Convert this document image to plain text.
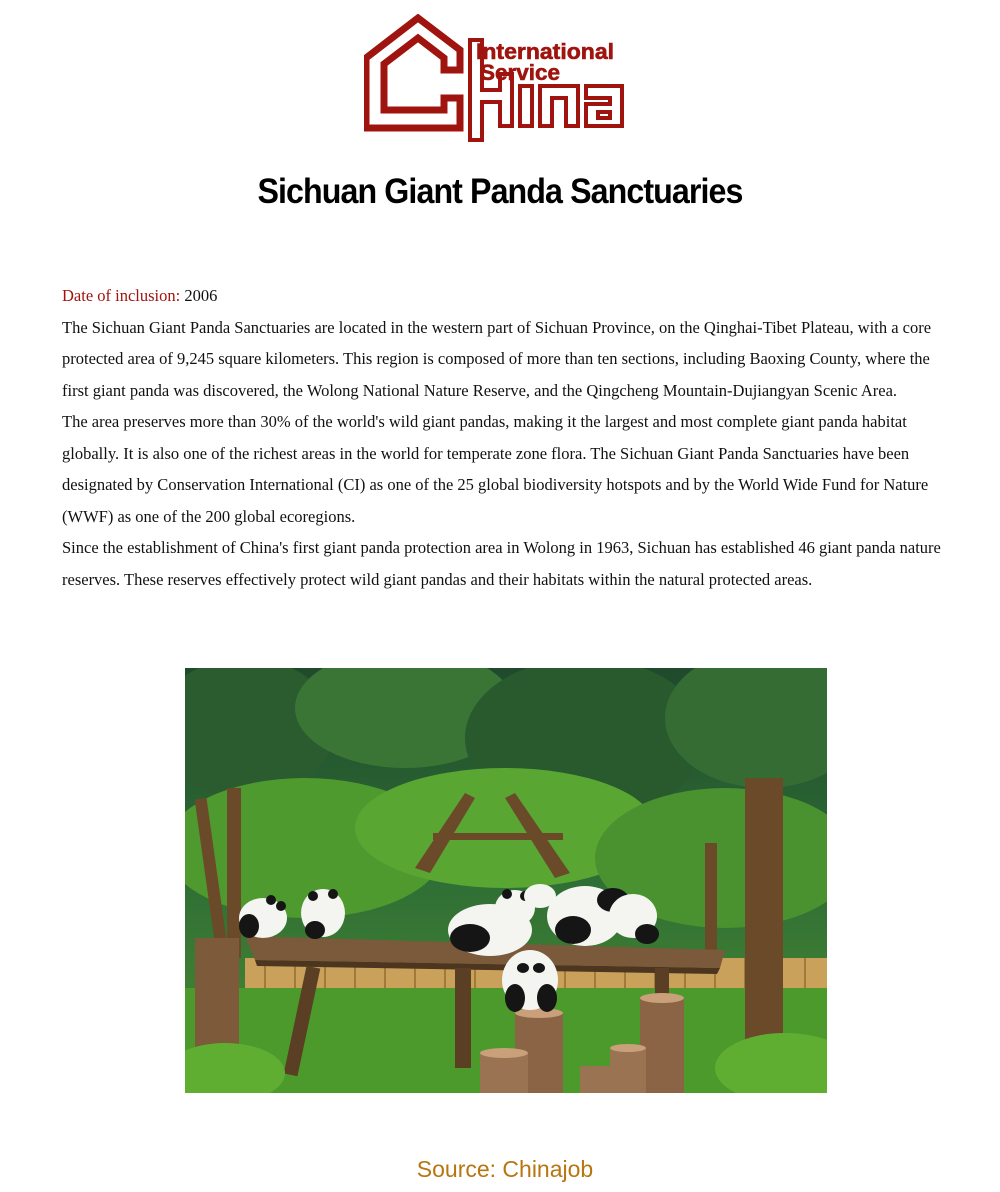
International
Service
Sichuan Giant Panda Sanctuaries

Date of inclusion: 2006

The Sichuan Giant Panda Sanctuaries are located in the western part of Sichuan Province, on the Qinghai-Tibet Plateau, with a core protected area of 9,245 square kilometers. This region is composed of more than ten sections, including Baoxing County, where the first giant panda was discovered, the Wolong National Nature Reserve, and the Qingcheng Mountain-Dujiangyan Scenic Area.

The area preserves more than 30% of the world's wild giant pandas, making it the largest and most complete giant panda habitat globally. It is also one of the richest areas in the world for temperate zone flora. The Sichuan Giant Panda Sanctuaries have been designated by Conservation International (CI) as one of the 25 global biodiversity hotspots and by the World Wide Fund for Nature (WWF) as one of the 200 global ecoregions.

Since the establishment of China's first giant panda protection area in Wolong in 1963, Sichuan has established 46 giant panda nature reserves. These reserves effectively protect wild giant pandas and their habitats within the natural protected areas.

Source: Chinajob
